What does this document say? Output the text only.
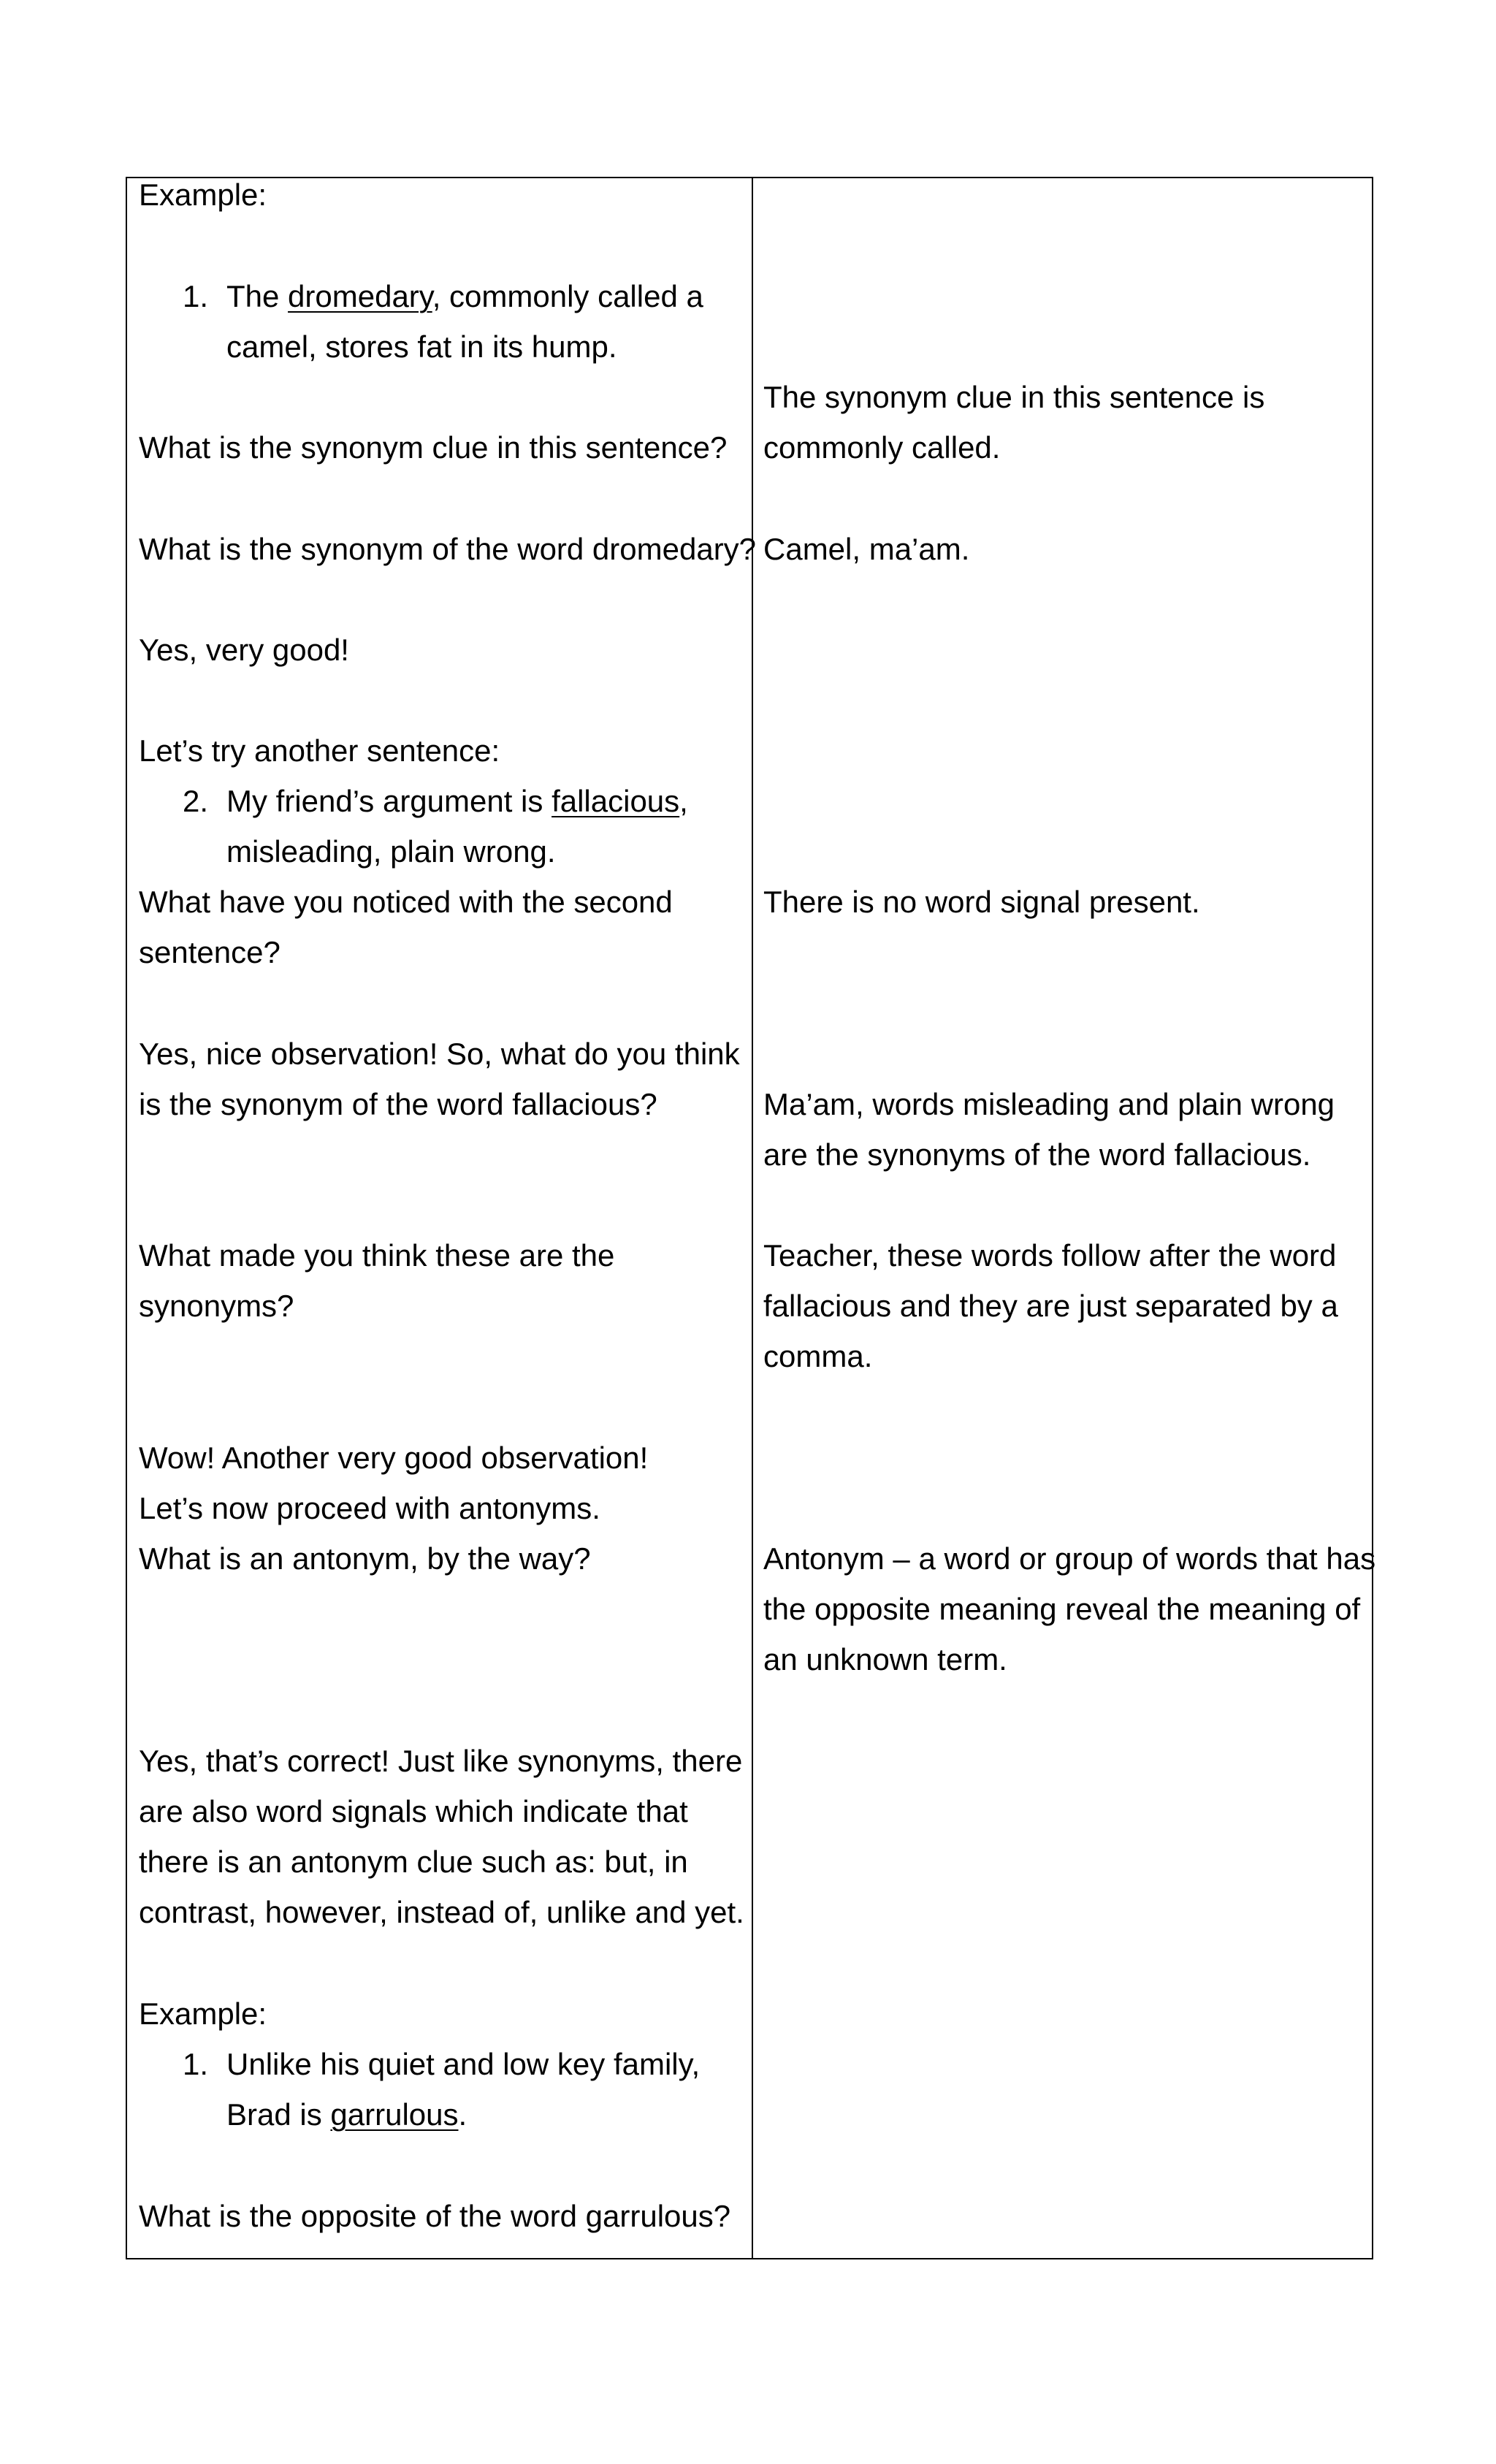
Example:
1. The dromedary, commonly called a
camel, stores fat in its hump.
What is the synonym clue in this sentence?
What is the synonym of the word dromedary?
Yes, very good!
Let’s try another sentence:
2. My friend’s argument is fallacious,
misleading, plain wrong.
What have you noticed with the second
sentence?
Yes, nice observation! So, what do you think
is the synonym of the word fallacious?
What made you think these are the
synonyms?
Wow! Another very good observation!
Let’s now proceed with antonyms.
What is an antonym, by the way?
Yes, that’s correct! Just like synonyms, there
are also word signals which indicate that
there is an antonym clue such as: but, in
contrast, however, instead of, unlike and yet.
Example:
1. Unlike his quiet and low key family,
Brad is garrulous.
What is the opposite of the word garrulous?
The synonym clue in this sentence is
commonly called.
Camel, ma’am.
There is no word signal present.
Ma’am, words misleading and plain wrong
are the synonyms of the word fallacious.
Teacher, these words follow after the word
fallacious and they are just separated by a
comma.
Antonym – a word or group of words that has
the opposite meaning reveal the meaning of
an unknown term.
